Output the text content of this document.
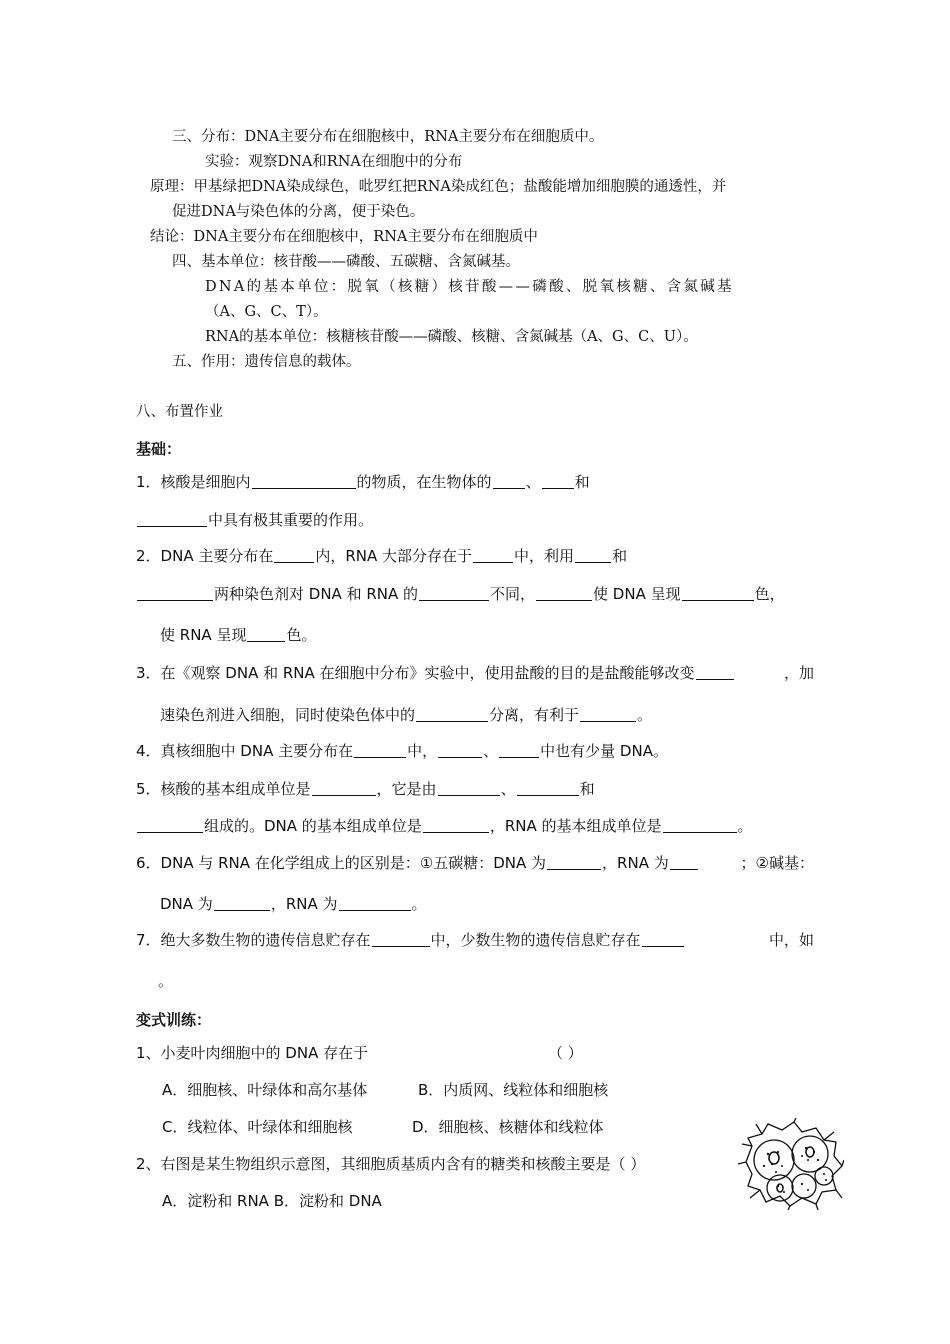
三、分布：DNA主要分布在细胞核中，RNA主要分布在细胞质中。
实验：观察DNA和RNA在细胞中的分布
原理：甲基绿把DNA染成绿色，吡罗红把RNA染成红色；盐酸能增加细胞膜的通透性，并
促进DNA与染色体的分离，便于染色。
结论：DNA主要分布在细胞核中，RNA主要分布在细胞质中
四、基本单位：核苷酸——磷酸、五碳糖、含氮碱基。
DNA的基本单位：脱氧（核糖）核苷酸——磷酸、脱氧核糖、含氮碱基
（A、G、C、T）。
RNA的基本单位：核糖核苷酸——磷酸、核糖、含氮碱基（A、G、C、U）。
五、作用：遗传信息的载体。
八、布置作业
基础：
1．核酸是细胞内	的物质，在生物体的 、 和
中具有极其重要的作用。
2．DNA 主要分布在	内，RNA 大部分存在于	中，利用	和
两种染色剂对 DNA 和 RNA 的	不同，	使 DNA 呈现	色，
使 RNA 呈现	色。
3．在《观察 DNA 和 RNA 在细胞中分布》实验中，使用盐酸的目的是盐酸能够改变	，加
速染色剂进入细胞，同时使染色体中的	分离，有利于	。
4．真核细胞中 DNA 主要分布在	中，	、	中也有少量 DNA。
5．核酸的基本组成单位是	，它是由	、	和
组成的。DNA 的基本组成单位是	，RNA 的基本组成单位是	。
6．DNA 与 RNA 在化学组成上的区别是：①五碳糖：DNA 为	，RNA 为	；②碱基：
DNA 为	，RNA 为	。
7．绝大多数生物的遗传信息贮存在	中，少数生物的遗传信息贮存在	中，如
。
变式训练：
1、小麦叶肉细胞中的 DNA 存在于	（ ）
A．细胞核、叶绿体和高尔基体	B．内质网、线粒体和细胞核
C．线粒体、叶绿体和细胞核	D．细胞核、核糖体和线粒体
2、右图是某生物组织示意图，其细胞质基质内含有的糖类和核酸主要是（ ）
A．淀粉和 RNA B．淀粉和 DNA
